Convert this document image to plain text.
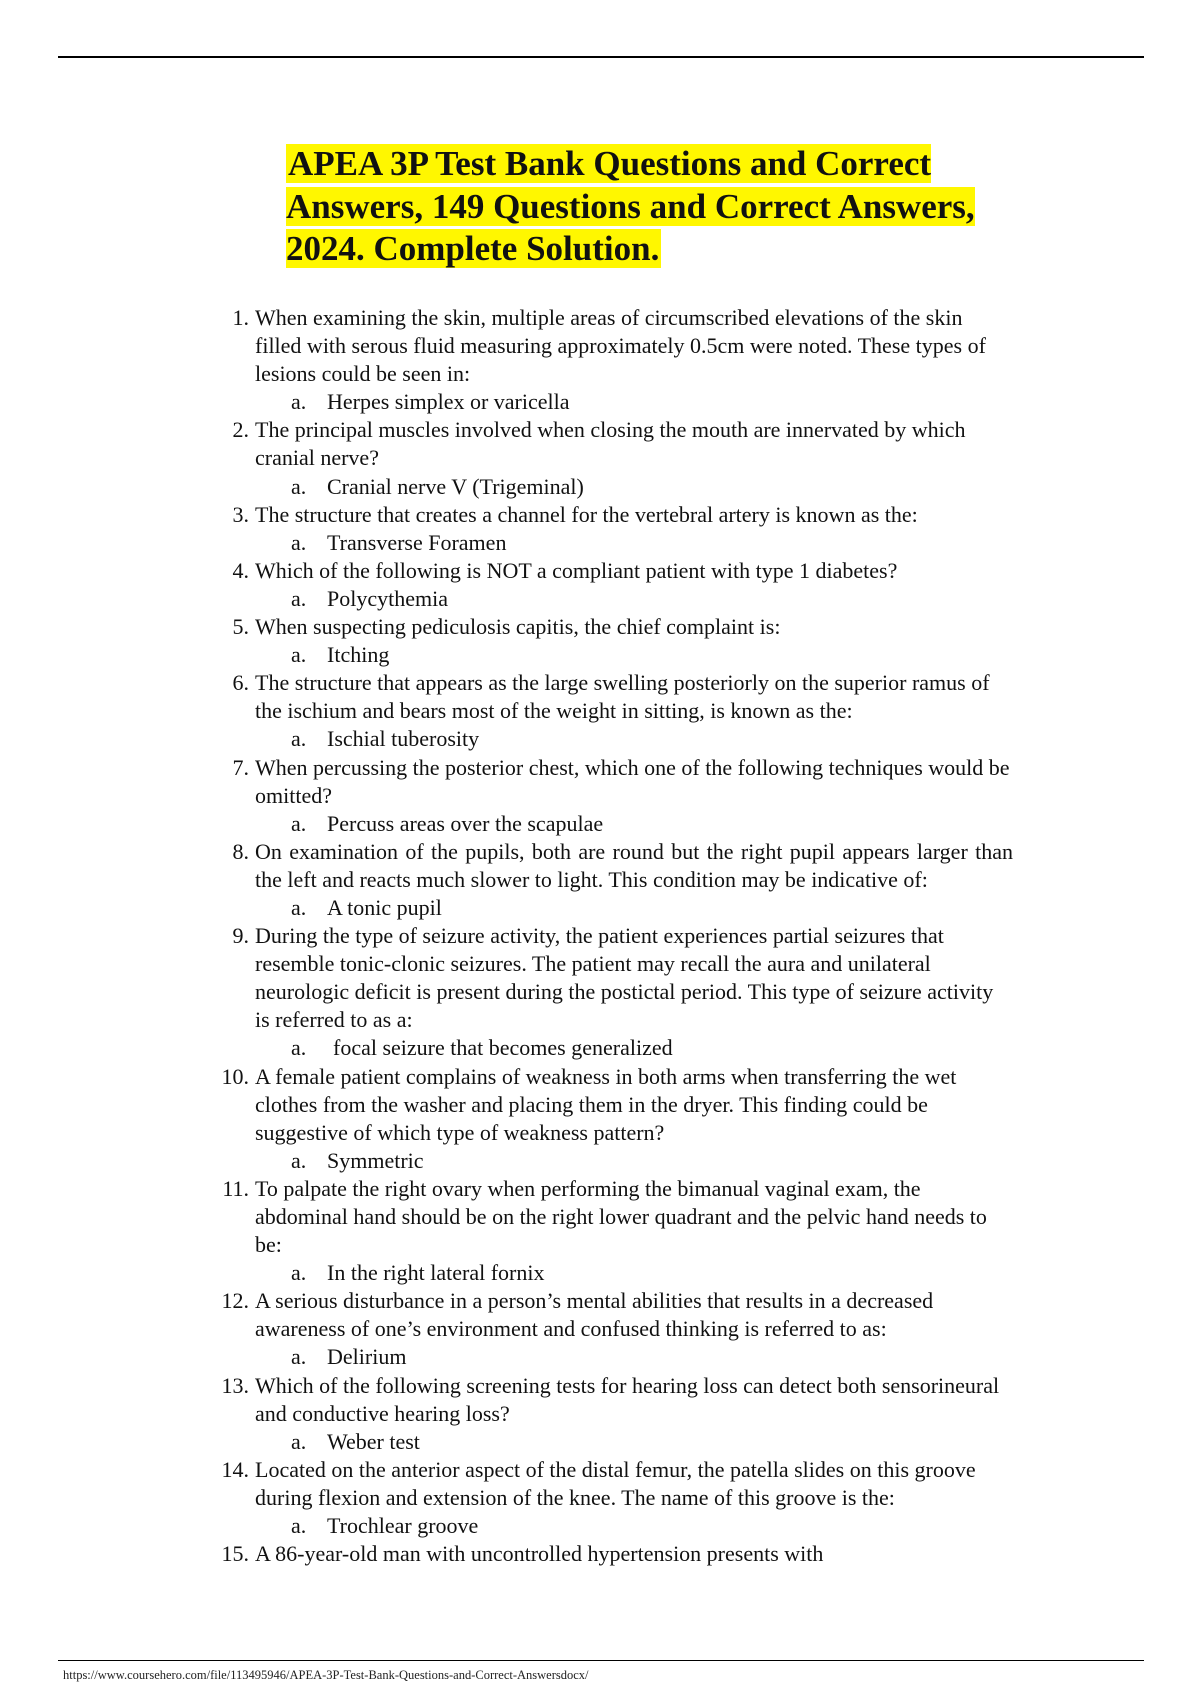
APEA 3P Test Bank Questions and Correct Answers, 149 Questions and Correct Answers, 2024. Complete Solution.
1. When examining the skin, multiple areas of circumscribed elevations of the skin filled with serous fluid measuring approximately 0.5cm were noted. These types of lesions could be seen in:
a. Herpes simplex or varicella
2. The principal muscles involved when closing the mouth are innervated by which cranial nerve?
a. Cranial nerve V (Trigeminal)
3. The structure that creates a channel for the vertebral artery is known as the:
a. Transverse Foramen
4. Which of the following is NOT a compliant patient with type 1 diabetes?
a. Polycythemia
5. When suspecting pediculosis capitis, the chief complaint is:
a. Itching
6. The structure that appears as the large swelling posteriorly on the superior ramus of the ischium and bears most of the weight in sitting, is known as the:
a. Ischial tuberosity
7. When percussing the posterior chest, which one of the following techniques would be omitted?
a. Percuss areas over the scapulae
8. On examination of the pupils, both are round but the right pupil appears larger than the left and reacts much slower to light. This condition may be indicative of:
a. A tonic pupil
9. During the type of seizure activity, the patient experiences partial seizures that resemble tonic-clonic seizures. The patient may recall the aura and unilateral neurologic deficit is present during the postictal period. This type of seizure activity is referred to as a:
a. focal seizure that becomes generalized
10. A female patient complains of weakness in both arms when transferring the wet clothes from the washer and placing them in the dryer. This finding could be suggestive of which type of weakness pattern?
a. Symmetric
11. To palpate the right ovary when performing the bimanual vaginal exam, the abdominal hand should be on the right lower quadrant and the pelvic hand needs to be:
a. In the right lateral fornix
12. A serious disturbance in a person’s mental abilities that results in a decreased awareness of one’s environment and confused thinking is referred to as:
a. Delirium
13. Which of the following screening tests for hearing loss can detect both sensorineural and conductive hearing loss?
a. Weber test
14. Located on the anterior aspect of the distal femur, the patella slides on this groove during flexion and extension of the knee. The name of this groove is the:
a. Trochlear groove
15. A 86-year-old man with uncontrolled hypertension presents with
https://www.coursehero.com/file/113495946/APEA-3P-Test-Bank-Questions-and-Correct-Answersdocx/
